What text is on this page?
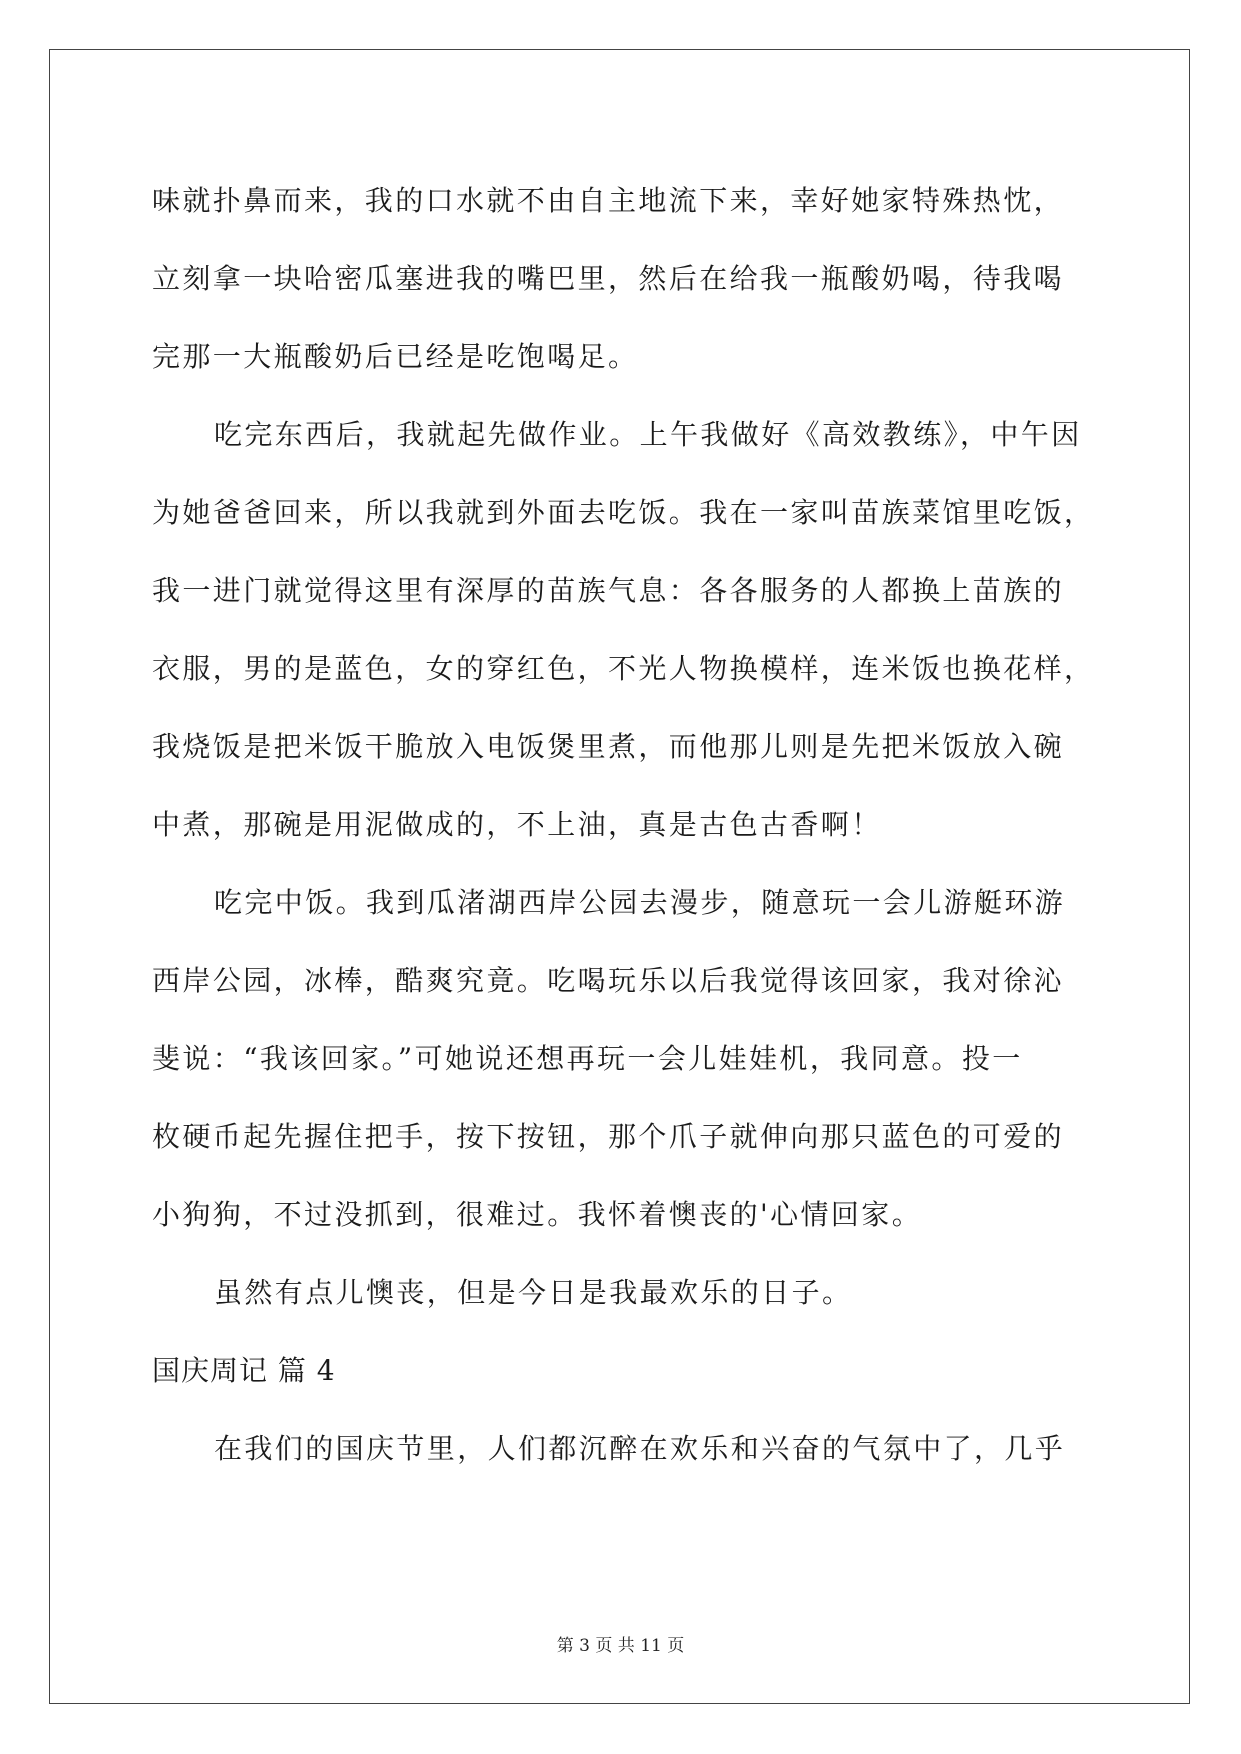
味就扑鼻而来，我的口水就不由自主地流下来，幸好她家特殊热忱，
立刻拿一块哈密瓜塞进我的嘴巴里，然后在给我一瓶酸奶喝，待我喝
完那一大瓶酸奶后已经是吃饱喝足。
吃完东西后，我就起先做作业。上午我做好《高效教练》，中午因
为她爸爸回来，所以我就到外面去吃饭。我在一家叫苗族菜馆里吃饭，
我一进门就觉得这里有深厚的苗族气息：各各服务的人都换上苗族的
衣服，男的是蓝色，女的穿红色，不光人物换模样，连米饭也换花样，
我烧饭是把米饭干脆放入电饭煲里煮，而他那儿则是先把米饭放入碗
中煮，那碗是用泥做成的，不上油，真是古色古香啊！
吃完中饭。我到瓜渚湖西岸公园去漫步，随意玩一会儿游艇环游
西岸公园，冰棒，酷爽究竟。吃喝玩乐以后我觉得该回家，我对徐沁
斐说：“我该回家。”可她说还想再玩一会儿娃娃机，我同意。投一
枚硬币起先握住把手，按下按钮，那个爪子就伸向那只蓝色的可爱的
小狗狗，不过没抓到，很难过。我怀着懊丧的'心情回家。
虽然有点儿懊丧，但是今日是我最欢乐的日子。
国庆周记 篇 4
在我们的国庆节里，人们都沉醉在欢乐和兴奋的气氛中了，几乎
第 3 页 共 11 页
